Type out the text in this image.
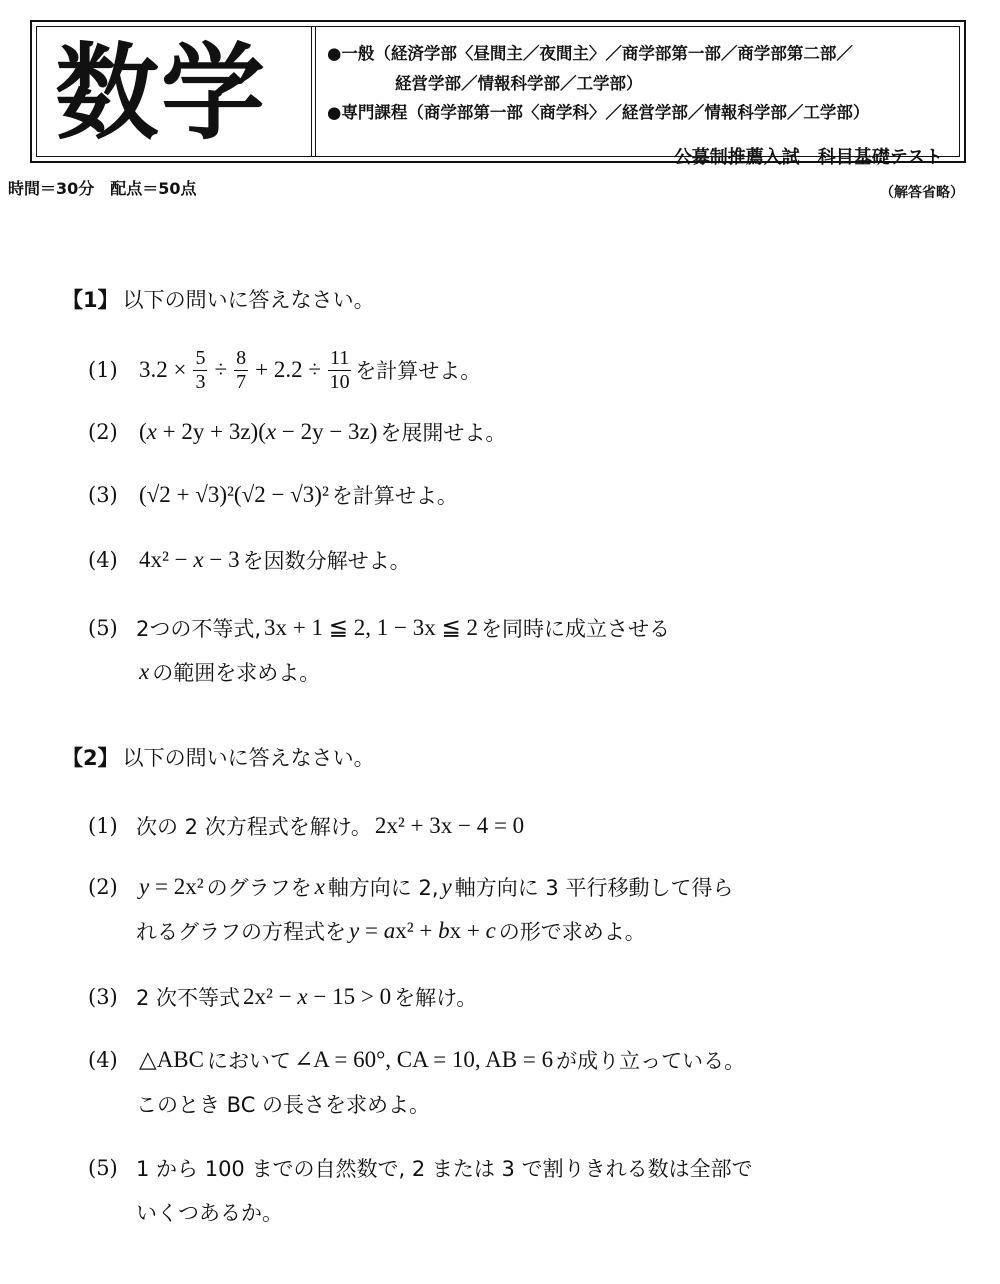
数学	●一般（経済学部〈昼間主／夜間主〉／商学部第一部／商学部第二部／
経営学部／情報科学部／工学部）
●専門課程（商学部第一部〈商学科〉／経営学部／情報科学部／工学部）
公募制推薦入試　科目基礎テスト
時間＝30分　配点＝50点	（解答省略）
【1】 以下の問いに答えなさい。
【2】 以下の問いに答えなさい。
(1) $3.2 \times \frac{5}{3} \div \frac{8}{7} + 2.2 \div \frac{11}{10}$ を計算せよ。
(2) (x + 2y + 3z)(x − 2y − 3z) を展開せよ。
(3) (√2 + √3)²(√2 − √3)² を計算せよ。
(4) 4x² − x − 3 を因数分解せよ。
(5) 2つの不等式, 3x + 1 ≦ 2, 1 − 3x ≦ 2 を同時に成立させる
x の範囲を求めよ。
(1) 次の 2 次方程式を解け。 2x² + 3x − 4 = 0
(2) y = 2x² のグラフを x 軸方向に 2, y 軸方向に 3 平行移動して得ら
れるグラフの方程式を y = ax² + bx + c の形で求めよ。
(3) 2 次不等式 2x² − x − 15 > 0 を解け。
(4) △ABC において ∠A = 60°, CA = 10, AB = 6 が成り立っている。
このとき BC の長さを求めよ。
(5) 1 から 100 までの自然数で, 2 または 3 で割りきれる数は全部で
いくつあるか。
